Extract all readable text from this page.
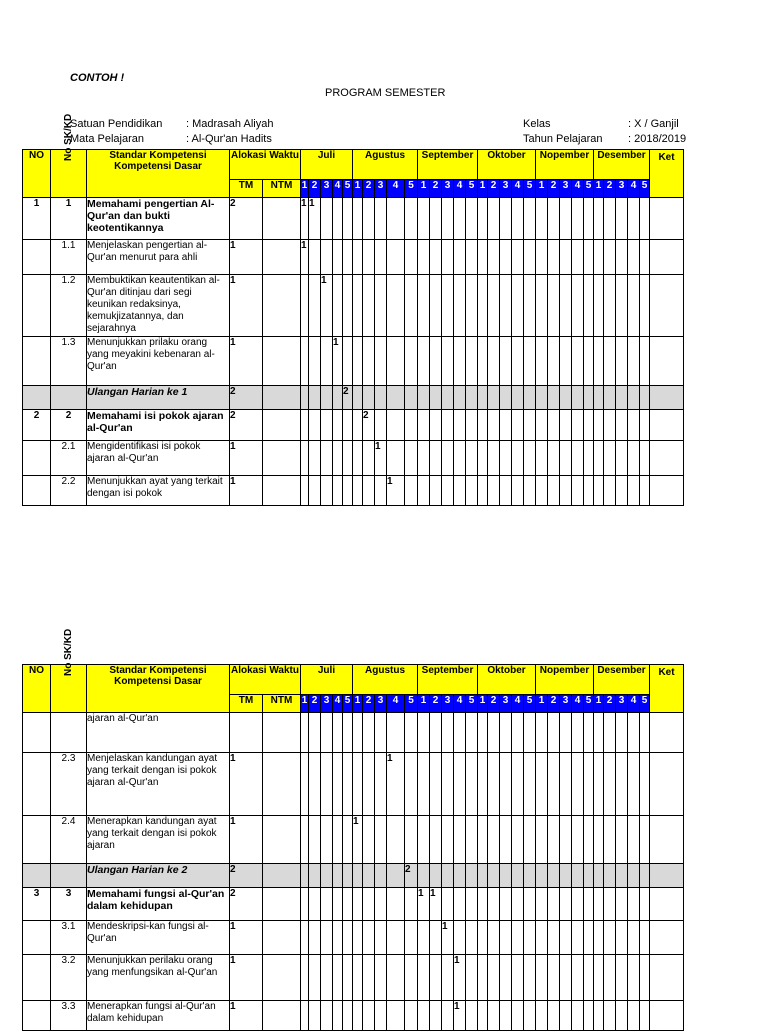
CONTOH !
PROGRAM SEMESTER
Satuan Pendidikan : Madrasah Aliyah
Mata Pelajaran	: Al-Qur'an Hadits
Kelas	: X / Ganjil
Tahun Pelajaran : 2018/2019
NO	No SK/KD	Standar Kompetensi Kompetensi Dasar	Alokasi Waktu		Juli					Agustus					September					Oktober					Nopember					Desember					Ket
			TM	NTM	1	2	3	4	5	1	2	3	4	5	1	2	3	4	5	1	2	3	4	5	1	2	3	4	5	1	2	3	4	5	
1	1	Memahami pengertian Al-Qur'an dan bukti keotentikannya	2		1	1																													
	1.1	Menjelaskan pengertian al-Qur'an menurut para ahli	1		1																														
	1.2	Membuktikan keautentikan al-Qur'an ditinjau dari segi keunikan redaksinya, kemukjizatannya, dan sejarahnya	1				1																												
	1.3	Menunjukkan prilaku orang yang meyakini kebenaran al-Qur'an	1					1																											
		Ulangan Harian ke 1	2						2																										
2	2	Memahami isi pokok ajaran al-Qur'an	2								2																								
	2.1	Mengidentifikasi isi pokok ajaran al-Qur'an	1									1																							
	2.2	Menunjukkan ayat yang terkait dengan isi pokok	1										1																						
NO	No SK/KD	Standar Kompetensi Kompetensi Dasar	Alokasi Waktu		Juli					Agustus					September					Oktober					Nopember					Desember					Ket
			TM	NTM	1	2	3	4	5	1	2	3	4	5	1	2	3	4	5	1	2	3	4	5	1	2	3	4	5	1	2	3	4	5	
		ajaran al-Qur'an																																	
	2.3	Menjelaskan kandungan ayat yang terkait dengan isi pokok ajaran al-Qur'an	1										1																						
	2.4	Menerapkan kandungan ayat yang terkait dengan isi pokok ajaran	1							1																									
		Ulangan Harian ke 2	2											2																					
3	3	Memahami fungsi al-Qur'an dalam kehidupan	2												1	1																			
	3.1	Mendeskripsi-kan fungsi al-Qur'an	1														1																		
	3.2	Menunjukkan perilaku orang yang menfungsikan al-Qur'an	1															1																	
	3.3	Menerapkan fungsi al-Qur'an dalam kehidupan	1															1																	
